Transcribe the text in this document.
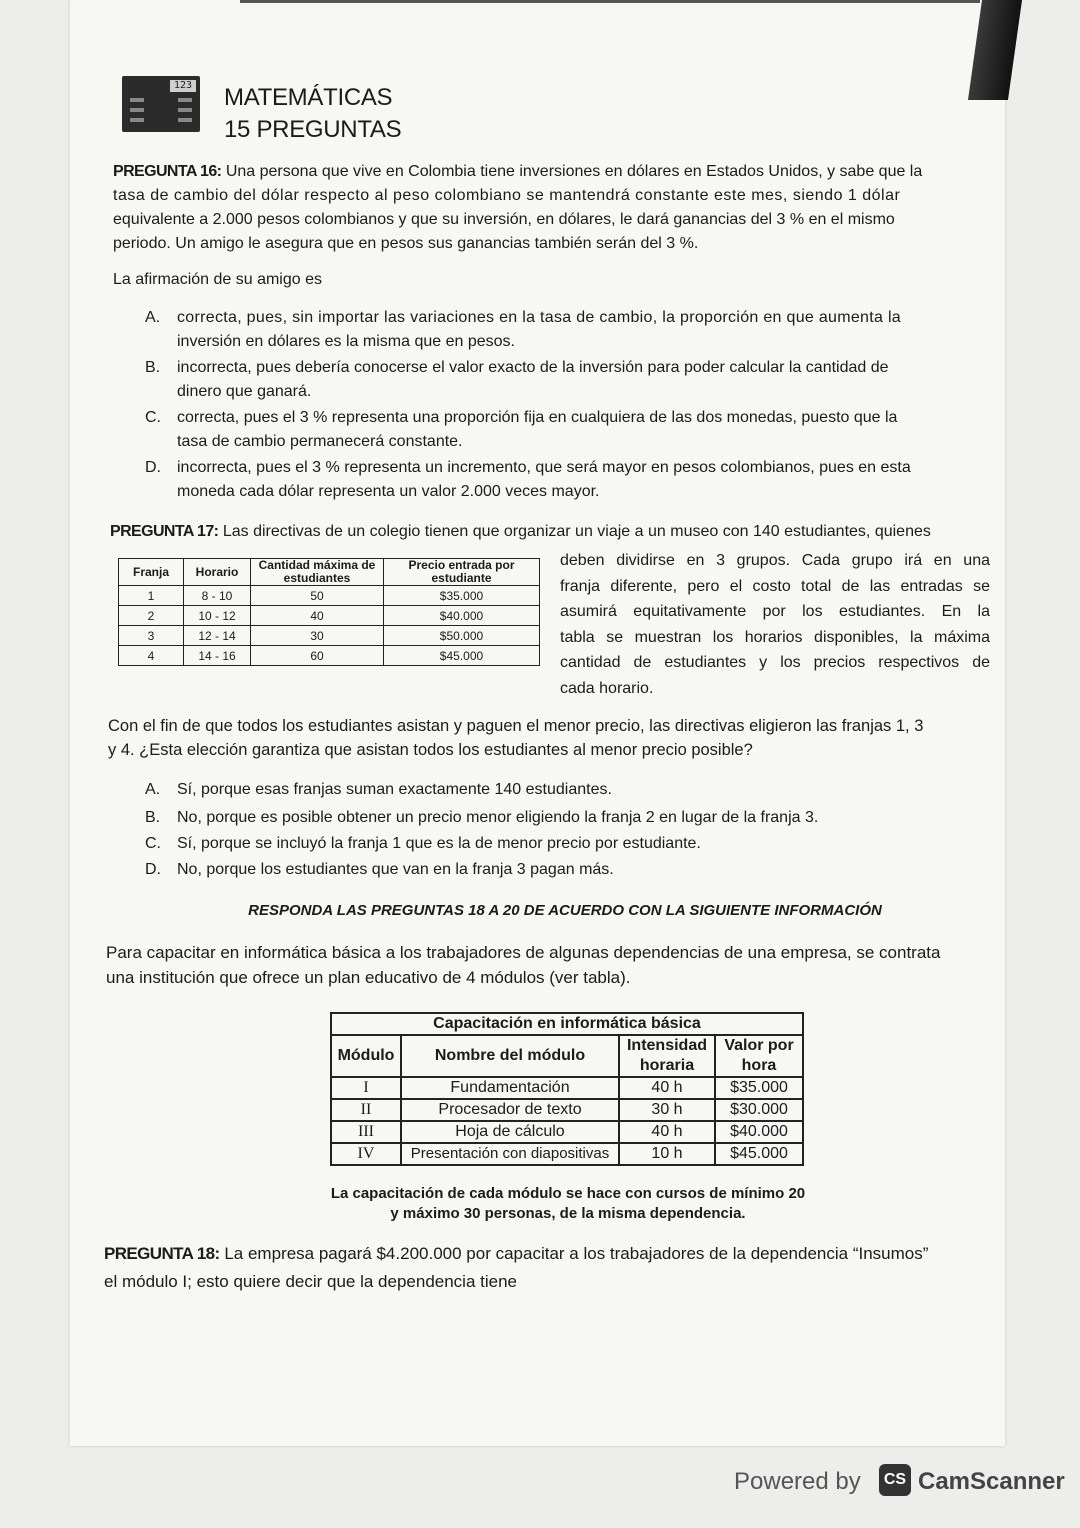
123 MATEMÁTICAS
15 PREGUNTAS
PREGUNTA 16: Una persona que vive en Colombia tiene inversiones en dólares en Estados Unidos, y sabe que la
tasa de cambio del dólar respecto al peso colombiano se mantendrá constante este mes, siendo 1 dólar
equivalente a 2.000 pesos colombianos y que su inversión, en dólares, le dará ganancias del 3 % en el mismo
periodo. Un amigo le asegura que en pesos sus ganancias también serán del 3 %.
La afirmación de su amigo es
A.	correcta, pues, sin importar las variaciones en la tasa de cambio, la proporción en que aumenta la
inversión en dólares es la misma que en pesos.
B.	incorrecta, pues debería conocerse el valor exacto de la inversión para poder calcular la cantidad de
dinero que ganará.
C.	correcta, pues el 3 % representa una proporción fija en cualquiera de las dos monedas, puesto que la
tasa de cambio permanecerá constante.
D.	incorrecta, pues el 3 % representa un incremento, que será mayor en pesos colombianos, pues en esta
moneda cada dólar representa un valor 2.000 veces mayor.
PREGUNTA 17: Las directivas de un colegio tienen que organizar un viaje a un museo con 140 estudiantes, quienes
Franja	Horario	Cantidad máxima de estudiantes	Precio entrada por estudiante
1	8 - 10	50	$35.000
2	10 - 12	40	$40.000
3	12 - 14	30	$50.000
4	14 - 16	60	$45.000
deben dividirse en 3 grupos. Cada grupo irá en una
franja diferente, pero el costo total de las entradas se
asumirá equitativamente por los estudiantes. En la
tabla se muestran los horarios disponibles, la máxima
cantidad de estudiantes y los precios respectivos de
cada horario.
Con el fin de que todos los estudiantes asistan y paguen el menor precio, las directivas eligieron las franjas 1, 3
y 4. ¿Esta elección garantiza que asistan todos los estudiantes al menor precio posible?
A.	Sí, porque esas franjas suman exactamente 140 estudiantes.
B.	No, porque es posible obtener un precio menor eligiendo la franja 2 en lugar de la franja 3.
C.	Sí, porque se incluyó la franja 1 que es la de menor precio por estudiante.
D.	No, porque los estudiantes que van en la franja 3 pagan más.
RESPONDA LAS PREGUNTAS 18 A 20 DE ACUERDO CON LA SIGUIENTE INFORMACIÓN
Para capacitar en informática básica a los trabajadores de algunas dependencias de una empresa, se contrata
una institución que ofrece un plan educativo de 4 módulos (ver tabla).
Capacitación en informática básica			
Módulo	Nombre del módulo	Intensidad horaria	Valor por hora
I	Fundamentación	40 h	$35.000
II	Procesador de texto	30 h	$30.000
III	Hoja de cálculo	40 h	$40.000
IV	Presentación con diapositivas	10 h	$45.000
La capacitación de cada módulo se hace con cursos de mínimo 20
y máximo 30 personas, de la misma dependencia.
PREGUNTA 18: La empresa pagará $4.200.000 por capacitar a los trabajadores de la dependencia “Insumos”
el módulo I; esto quiere decir que la dependencia tiene
Powered by	CS CamScanner
